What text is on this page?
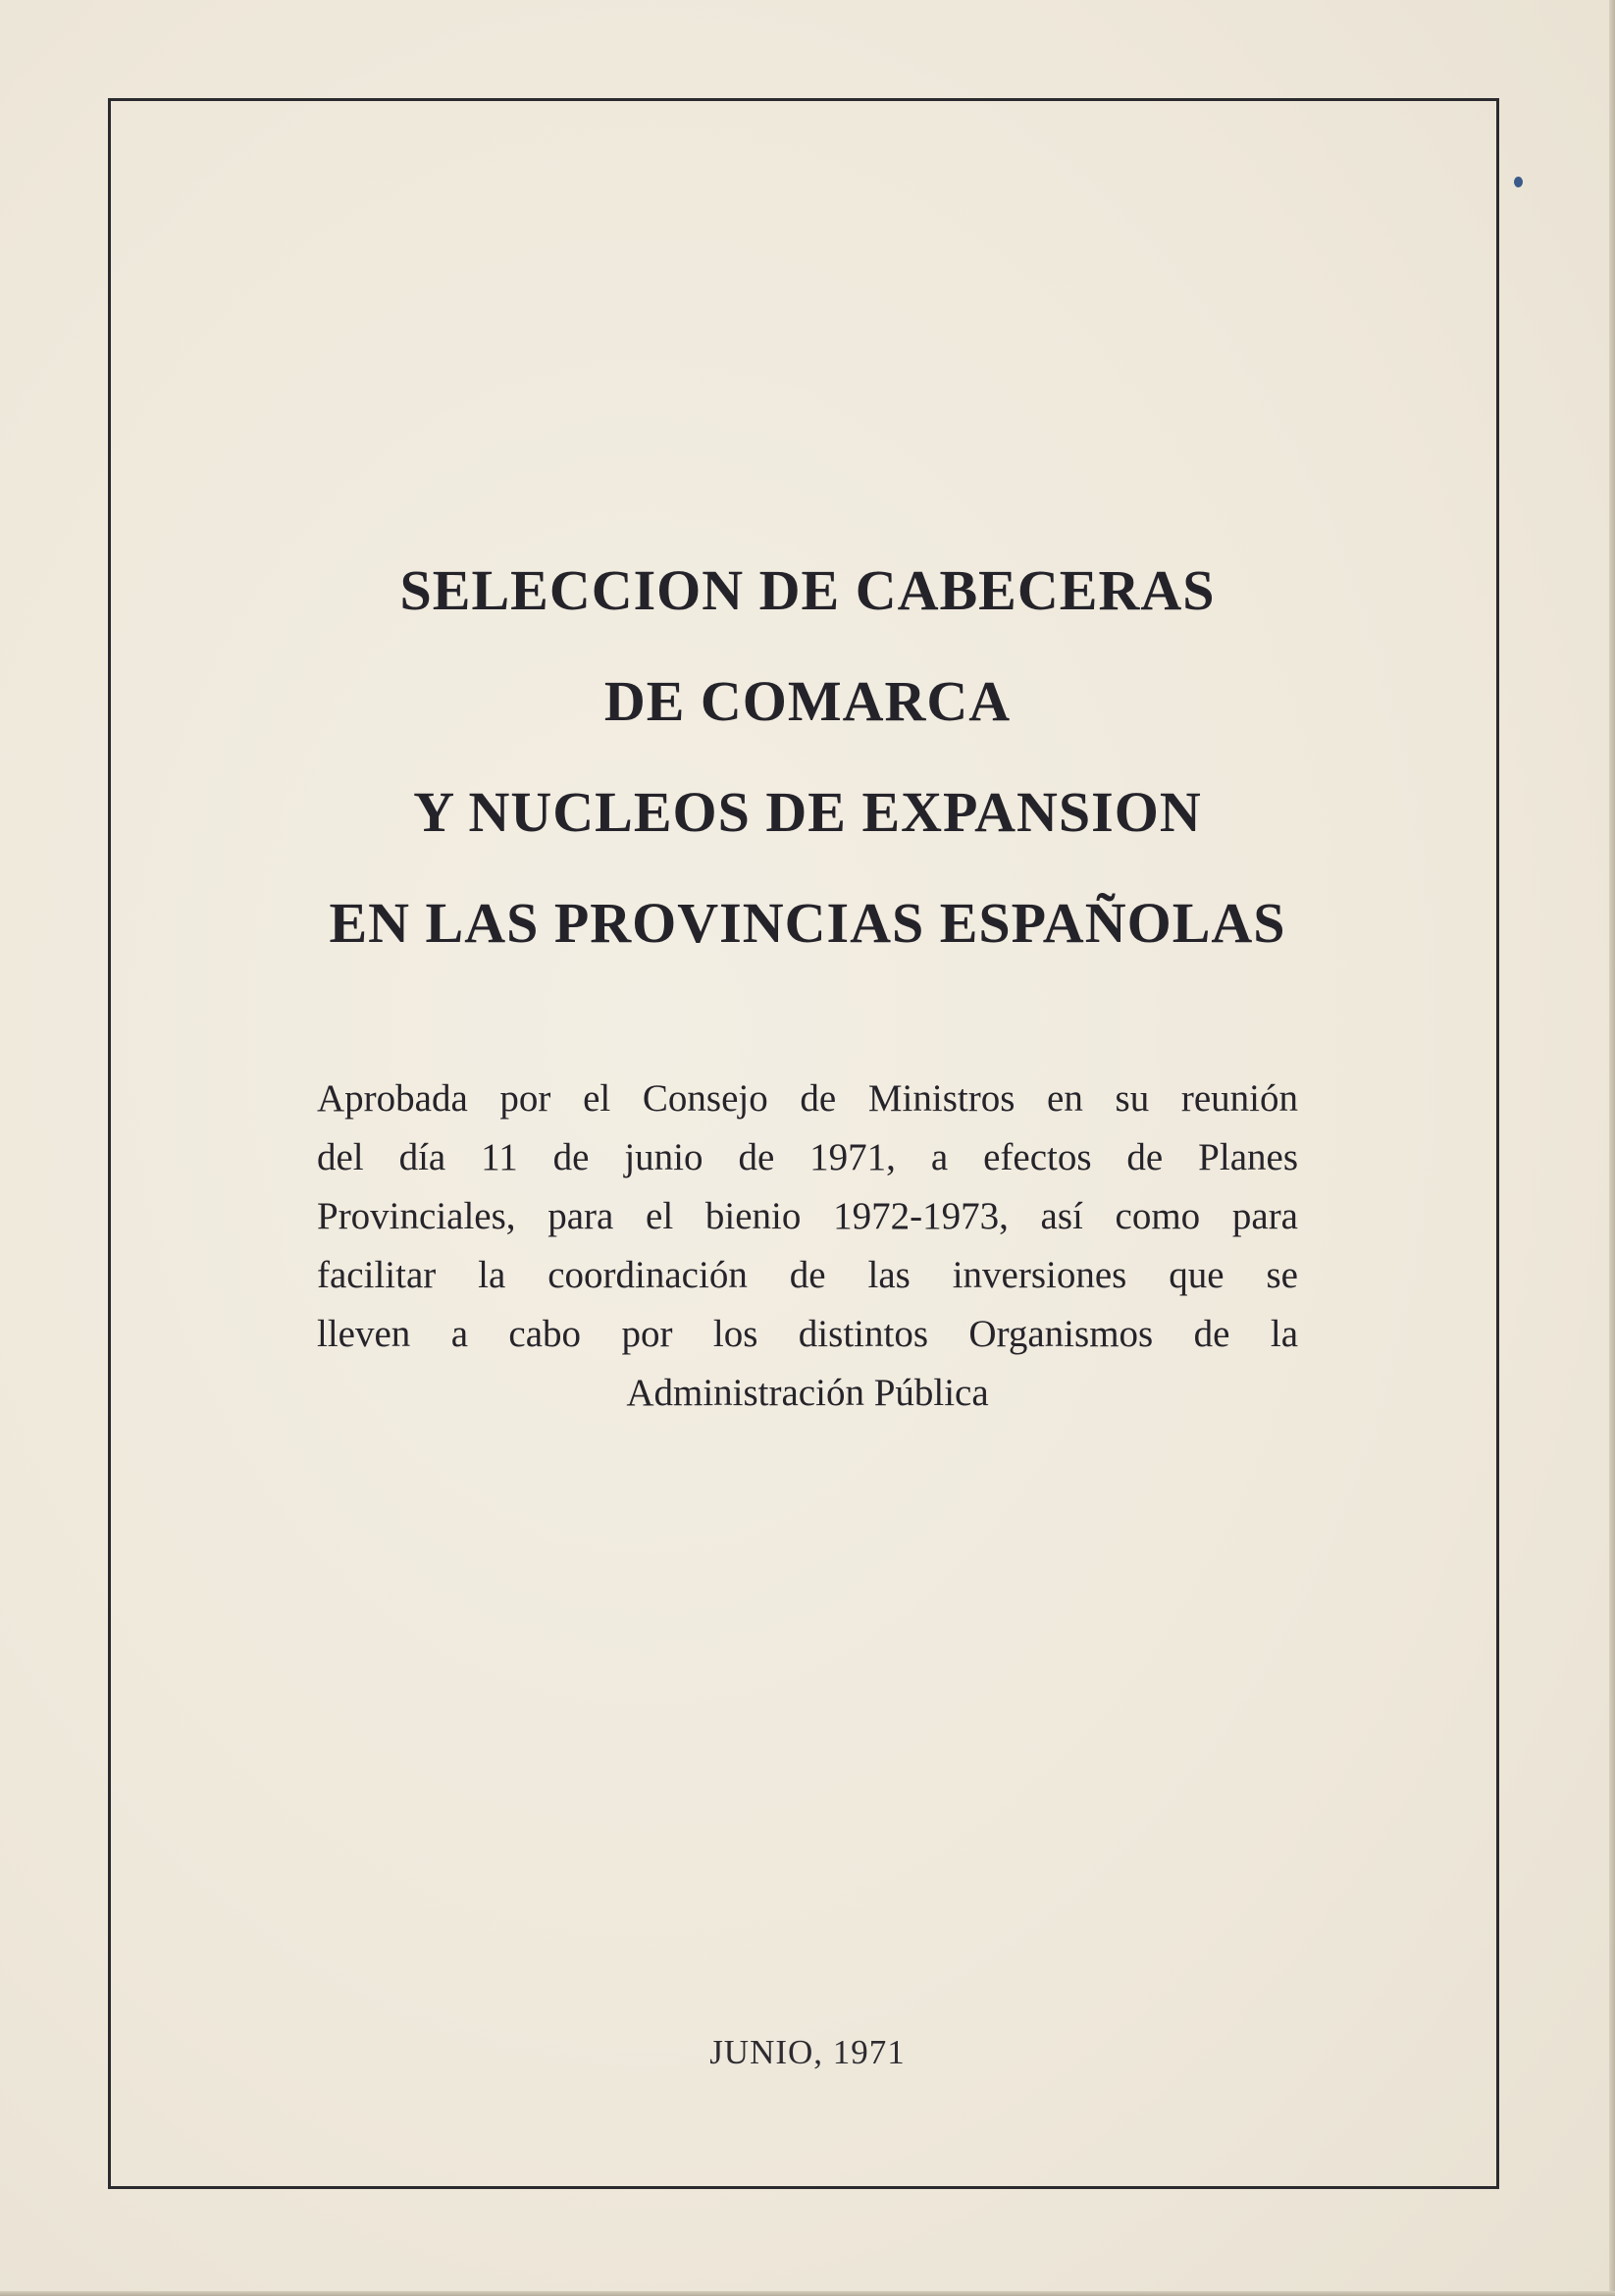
SELECCION DE CABECERAS
DE COMARCA
Y NUCLEOS DE EXPANSION
EN LAS PROVINCIAS ESPAÑOLAS

Aprobada por el Consejo de Ministros en su reunión
del día 11 de junio de 1971, a efectos de Planes
Provinciales, para el bienio 1972-1973, así como para
facilitar la coordinación de las inversiones que se
lleven a cabo por los distintos Organismos de la
Administración Pública

JUNIO, 1971
